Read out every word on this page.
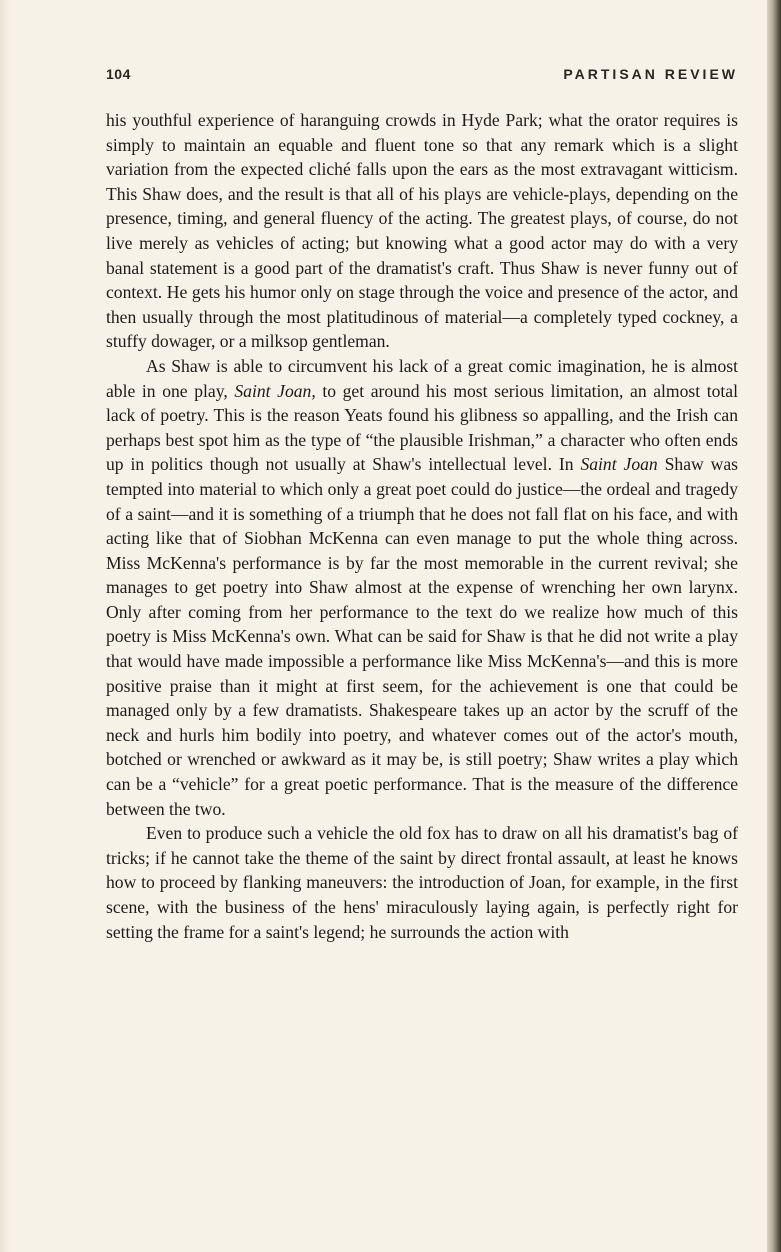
104	PARTISAN REVIEW

his youthful experience of haranguing crowds in Hyde Park; what the orator requires is simply to maintain an equable and fluent tone so that any remark which is a slight variation from the expected cliché falls upon the ears as the most extravagant witticism. This Shaw does, and the result is that all of his plays are vehicle-plays, depending on the presence, timing, and general fluency of the acting. The greatest plays, of course, do not live merely as vehicles of acting; but knowing what a good actor may do with a very banal statement is a good part of the dramatist's craft. Thus Shaw is never funny out of context. He gets his humor only on stage through the voice and presence of the actor, and then usually through the most platitudinous of material—a completely typed cockney, a stuffy dowager, or a milksop gentleman.

As Shaw is able to circumvent his lack of a great comic imagination, he is almost able in one play, Saint Joan, to get around his most serious limitation, an almost total lack of poetry. This is the reason Yeats found his glibness so appalling, and the Irish can perhaps best spot him as the type of “the plausible Irishman,” a character who often ends up in politics though not usually at Shaw's intellectual level. In Saint Joan Shaw was tempted into material to which only a great poet could do justice—the ordeal and tragedy of a saint—and it is something of a triumph that he does not fall flat on his face, and with acting like that of Siobhan McKenna can even manage to put the whole thing across. Miss McKenna's performance is by far the most memorable in the current revival; she manages to get poetry into Shaw almost at the expense of wrenching her own larynx. Only after coming from her performance to the text do we realize how much of this poetry is Miss McKenna's own. What can be said for Shaw is that he did not write a play that would have made impossible a performance like Miss McKenna's—and this is more positive praise than it might at first seem, for the achievement is one that could be managed only by a few dramatists. Shakespeare takes up an actor by the scruff of the neck and hurls him bodily into poetry, and whatever comes out of the actor's mouth, botched or wrenched or awkward as it may be, is still poetry; Shaw writes a play which can be a “vehicle” for a great poetic performance. That is the measure of the difference between the two.

Even to produce such a vehicle the old fox has to draw on all his dramatist's bag of tricks; if he cannot take the theme of the saint by direct frontal assault, at least he knows how to proceed by flanking maneuvers: the introduction of Joan, for example, in the first scene, with the business of the hens' miraculously laying again, is perfectly right for setting the frame for a saint's legend; he surrounds the action with
